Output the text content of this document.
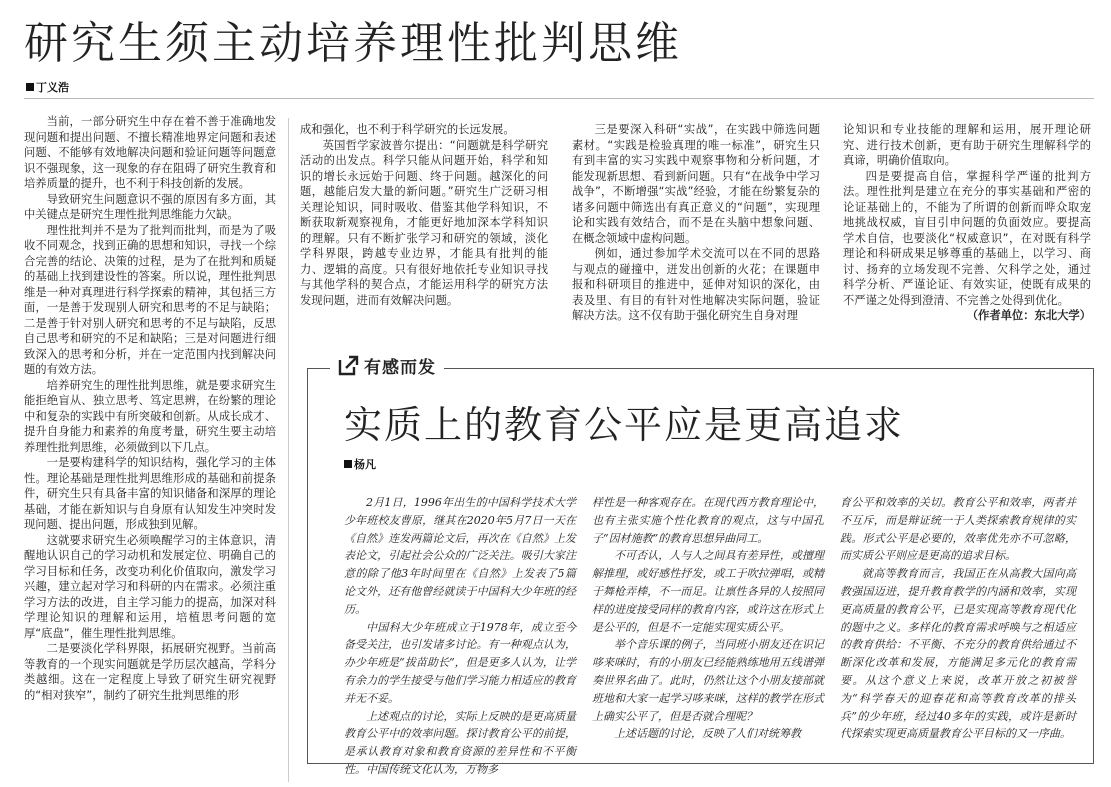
研究生须主动培养理性批判思维
丁义浩

当前，一部分研究生中存在着不善于准确地发现问题和提出问题、不擅长精准地界定问题和表述问题、不能够有效地解决问题和验证问题等问题意识不强现象，这一现象的存在阻碍了研究生教育和培养质量的提升，也不利于科技创新的发展。

导致研究生问题意识不强的原因有多方面，其中关键点是研究生理性批判思维能力欠缺。

理性批判并不是为了批判而批判，而是为了吸收不同观念，找到正确的思想和知识，寻找一个综合完善的结论、决策的过程，是为了在批判和质疑的基础上找到建设性的答案。所以说，理性批判思维是一种对真理进行科学探索的精神，其包括三方面，一是善于发现别人研究和思考的不足与缺陷；二是善于针对别人研究和思考的不足与缺陷，反思自己思考和研究的不足和缺陷；三是对问题进行细致深入的思考和分析，并在一定范围内找到解决问题的有效方法。

培养研究生的理性批判思维，就是要求研究生能拒绝盲从、独立思考、笃定思辨，在纷繁的理论中和复杂的实践中有所突破和创新。从成长成才、提升自身能力和素养的角度考量，研究生要主动培养理性批判思维，必须做到以下几点。

一是要构建科学的知识结构，强化学习的主体性。理论基础是理性批判思维形成的基础和前提条件，研究生只有具备丰富的知识储备和深厚的理论基础，才能在新知识与自身原有认知发生冲突时发现问题、提出问题，形成独到见解。

这就要求研究生必须唤醒学习的主体意识，清醒地认识自己的学习动机和发展定位、明确自己的学习目标和任务，改变功利化价值取向，激发学习兴趣，建立起对学习和科研的内在需求。必须注重学习方法的改进，自主学习能力的提高，加深对科学理论知识的理解和运用，培植思考问题的宽厚“底盘”，催生理性批判思维。

二是要淡化学科界限，拓展研究视野。当前高等教育的一个现实问题就是学历层次越高，学科分类越细。这在一定程度上导致了研究生研究视野的“相对狭窄”，制约了研究生批判思维的形

成和强化，也不利于科学研究的长远发展。

英国哲学家波普尔提出：“问题就是科学研究活动的出发点。科学只能从问题开始，科学和知识的增长永远始于问题、终于问题。越深化的问题，越能启发大量的新问题。”研究生广泛研习相关理论知识，同时吸收、借鉴其他学科知识，不断获取新观察视角，才能更好地加深本学科知识的理解。只有不断扩张学习和研究的领域，淡化学科界限，跨越专业边界，才能具有批判的能力、逻辑的高度。只有很好地依托专业知识寻找与其他学科的契合点，才能运用科学的研究方法发现问题，进而有效解决问题。

三是要深入科研“实战”，在实践中筛选问题素材。“实践是检验真理的唯一标准”，研究生只有到丰富的实习实践中观察事物和分析问题，才能发现新思想、看到新问题。只有“在战争中学习战争”，不断增强“实战”经验，才能在纷繁复杂的诸多问题中筛选出有真正意义的“问题”，实现理论和实践有效结合，而不是在头脑中想象问题、在概念领域中虚构问题。

例如，通过参加学术交流可以在不同的思路与观点的碰撞中，迸发出创新的火花；在课题申报和科研项目的推进中，延伸对知识的深化，由表及里、有目的有针对性地解决实际问题，验证解决方法。这不仅有助于强化研究生自身对理

论知识和专业技能的理解和运用，展开理论研究、进行技术创新，更有助于研究生理解科学的真谛，明确价值取向。

四是要提高自信，掌握科学严谨的批判方法。理性批判是建立在充分的事实基础和严密的论证基础上的，不能为了所谓的创新而哗众取宠地挑战权威，盲目引申问题的负面效应。要提高学术自信，也要淡化“权威意识”，在对既有科学理论和科研成果足够尊重的基础上，以学习、商讨、扬弃的立场发现不完善、欠科学之处，通过科学分析、严谨论证、有效实证，使既有成果的不严谨之处得到澄清、不完善之处得到优化。

（作者单位：东北大学）

有感而发
实质上的教育公平应是更高追求
杨凡

2月1日，1996年出生的中国科学技术大学少年班校友曹原，继其在2020年5月7日一天在《自然》连发两篇论文后，再次在《自然》上发表论文，引起社会公众的广泛关注。吸引大家注意的除了他3年时间里在《自然》上发表了5篇论文外，还有他曾经就读于中国科大少年班的经历。

中国科大少年班成立于1978年，成立至今备受关注，也引发诸多讨论。有一种观点认为，办少年班是“拔苗助长”，但是更多人认为，让学有余力的学生接受与他们学习能力相适应的教育并无不妥。

上述观点的讨论，实际上反映的是更高质量教育公平中的效率问题。探讨教育公平的前提，是承认教育对象和教育资源的差异性和不平衡性。中国传统文化认为，万物多

样性是一种客观存在。在现代西方教育理论中，也有主张实施个性化教育的观点，这与中国孔子“因材施教”的教育思想异曲同工。

不可否认，人与人之间具有差异性，或擅理解推理，或好感性抒发，或工于吹拉弹唱，或精于舞枪弄棒，不一而足。让禀性各异的人按照同样的进度接受同样的教育内容，或许这在形式上是公平的，但是不一定能实现实质公平。

举个音乐课的例子，当同班小朋友还在识记哆来咪时，有的小朋友已经能熟练地用五线谱弹奏世界名曲了。此时，仍然让这个小朋友接部就班地和大家一起学习哆来咪，这样的教学在形式上确实公平了，但是否就合理呢？

上述话题的讨论，反映了人们对统筹教

育公平和效率的关切。教育公平和效率，两者并不互斥，而是辩证统一于人类探索教育规律的实践。形式公平是必要的，效率优先亦不可忽略，而实质公平则应是更高的追求目标。

就高等教育而言，我国正在从高教大国向高教强国迈进，提升教育教学的内涵和效率，实现更高质量的教育公平，已是实现高等教育现代化的题中之义。多样化的教育需求呼唤与之相适应的教育供给：不平衡、不充分的教育供给通过不断深化改革和发展，方能满足多元化的教育需要。从这个意义上来说，改革开放之初被誉为“科学春天的迎春花和高等教育改革的排头兵”的少年班，经过40多年的实践，或许是新时代探索实现更高质量教育公平目标的又一序曲。
